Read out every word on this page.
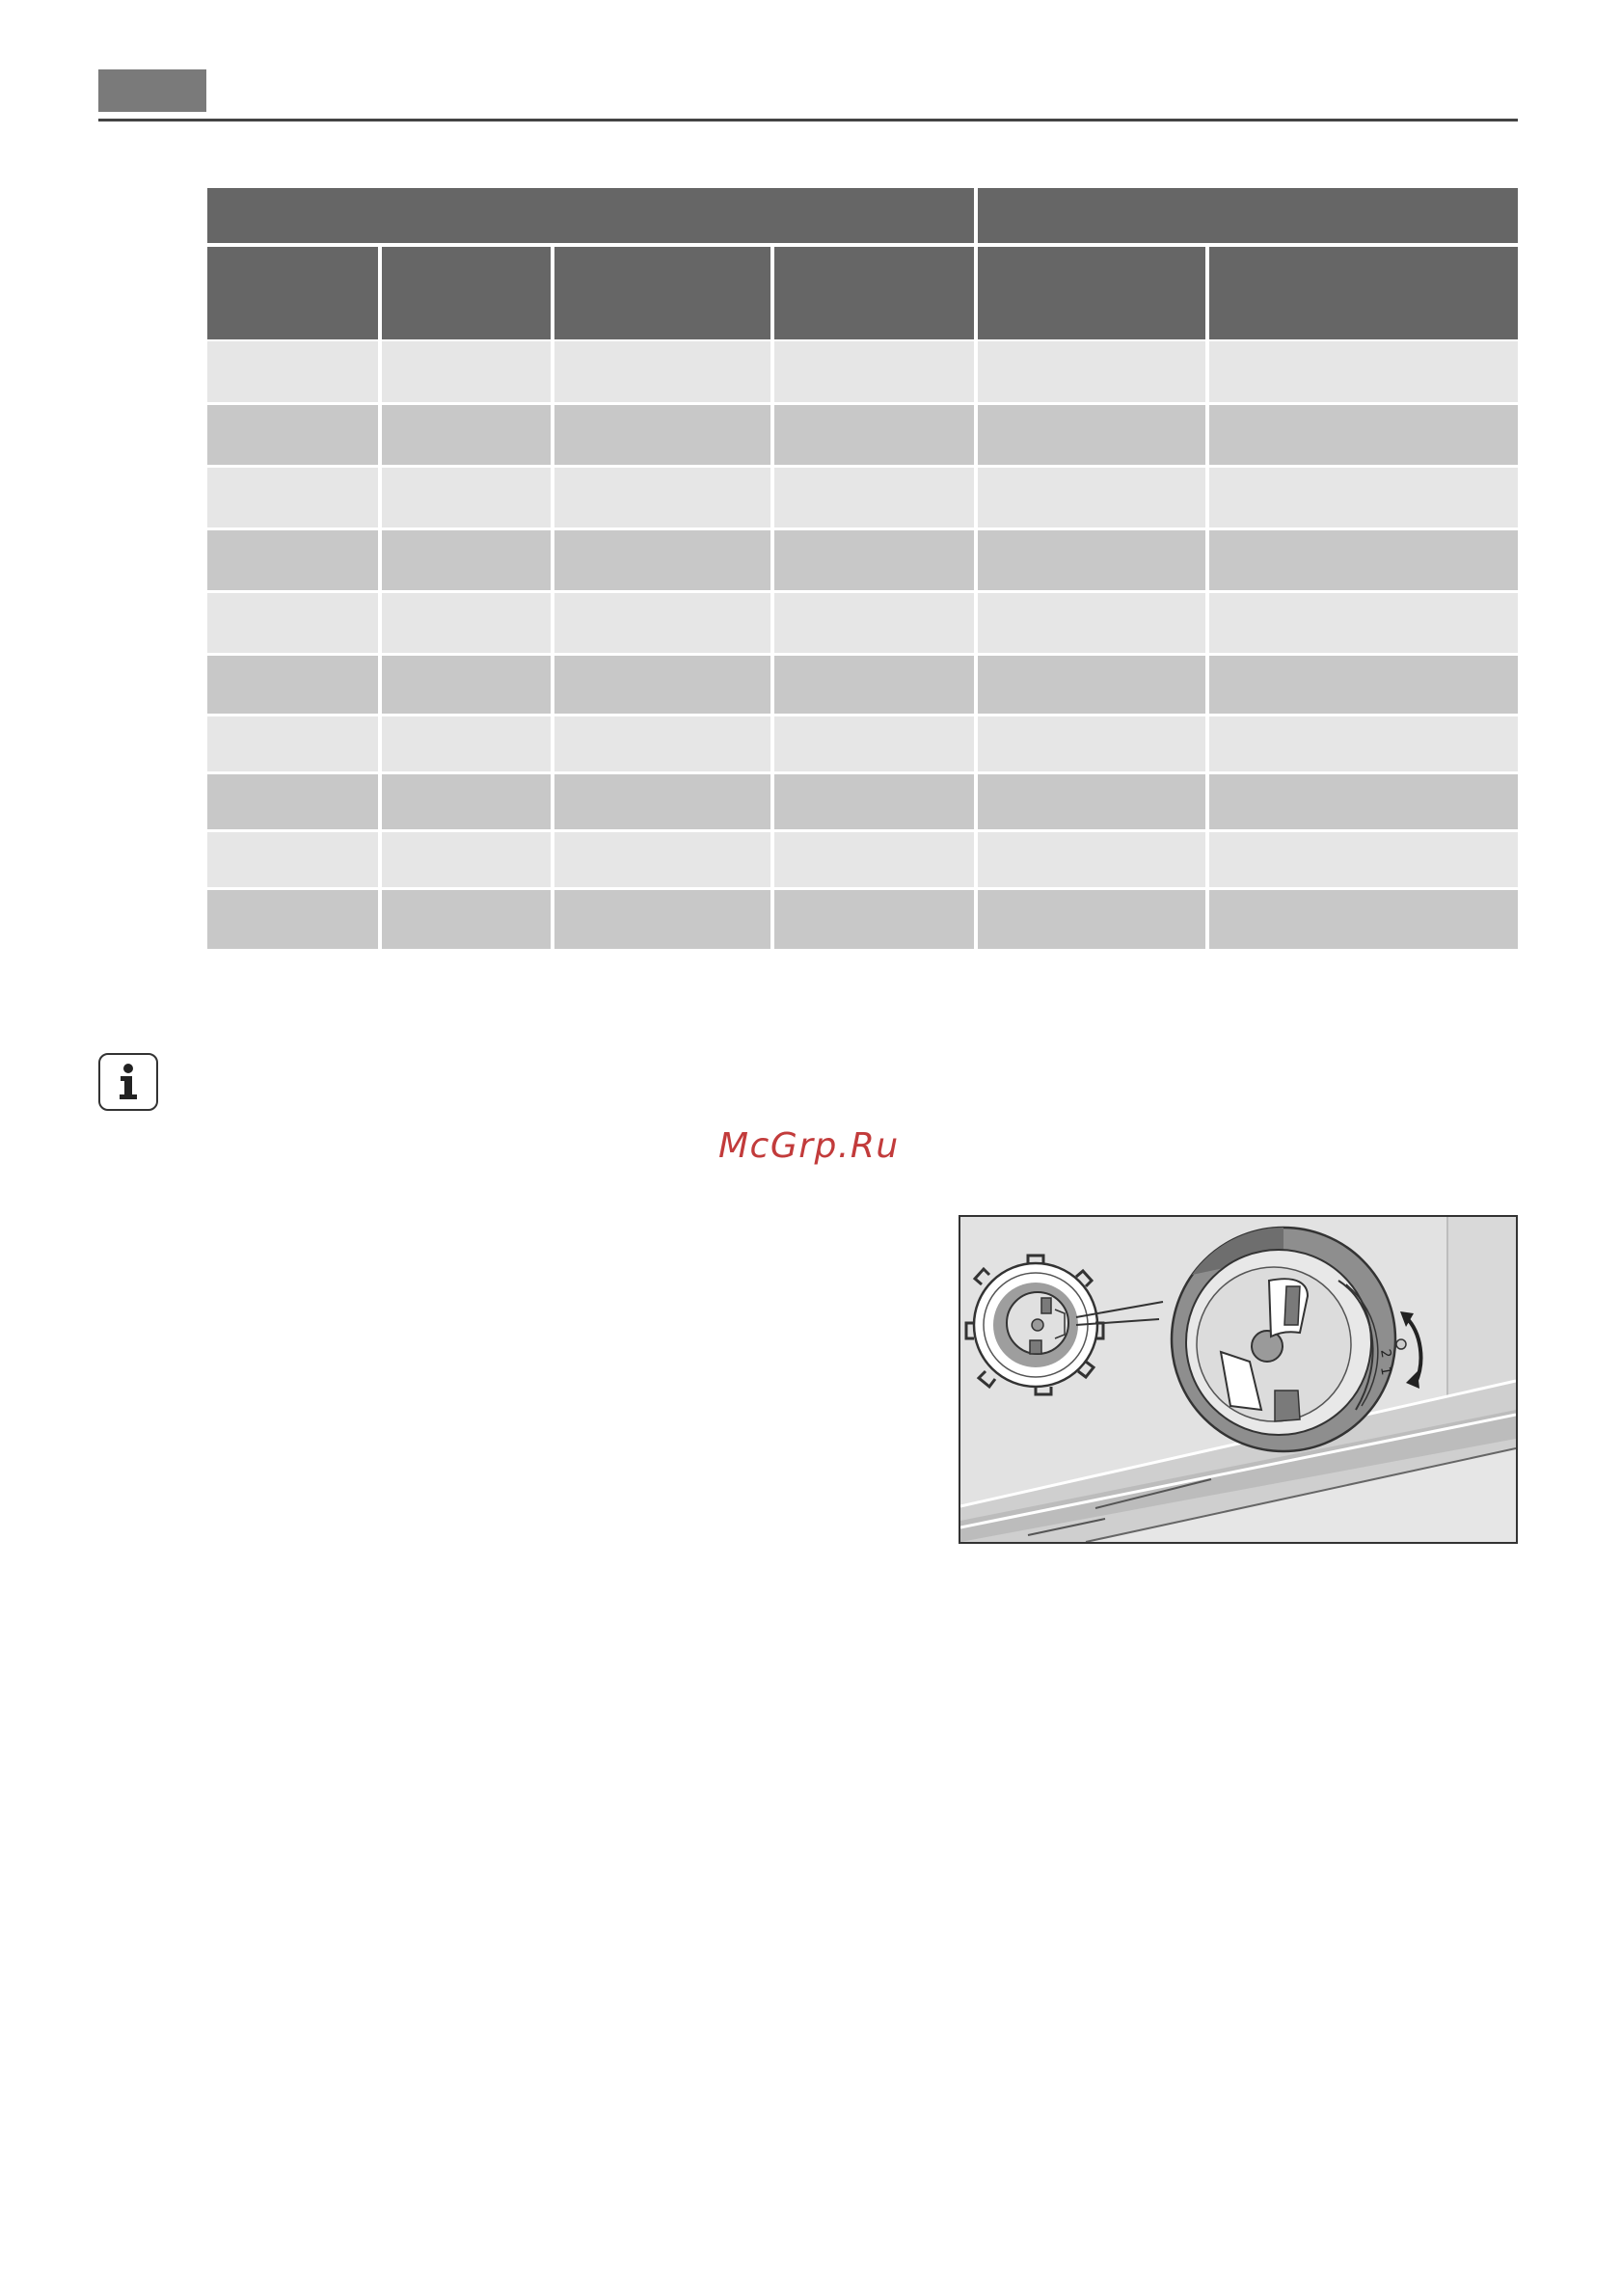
McGrp.Ru
2
1
